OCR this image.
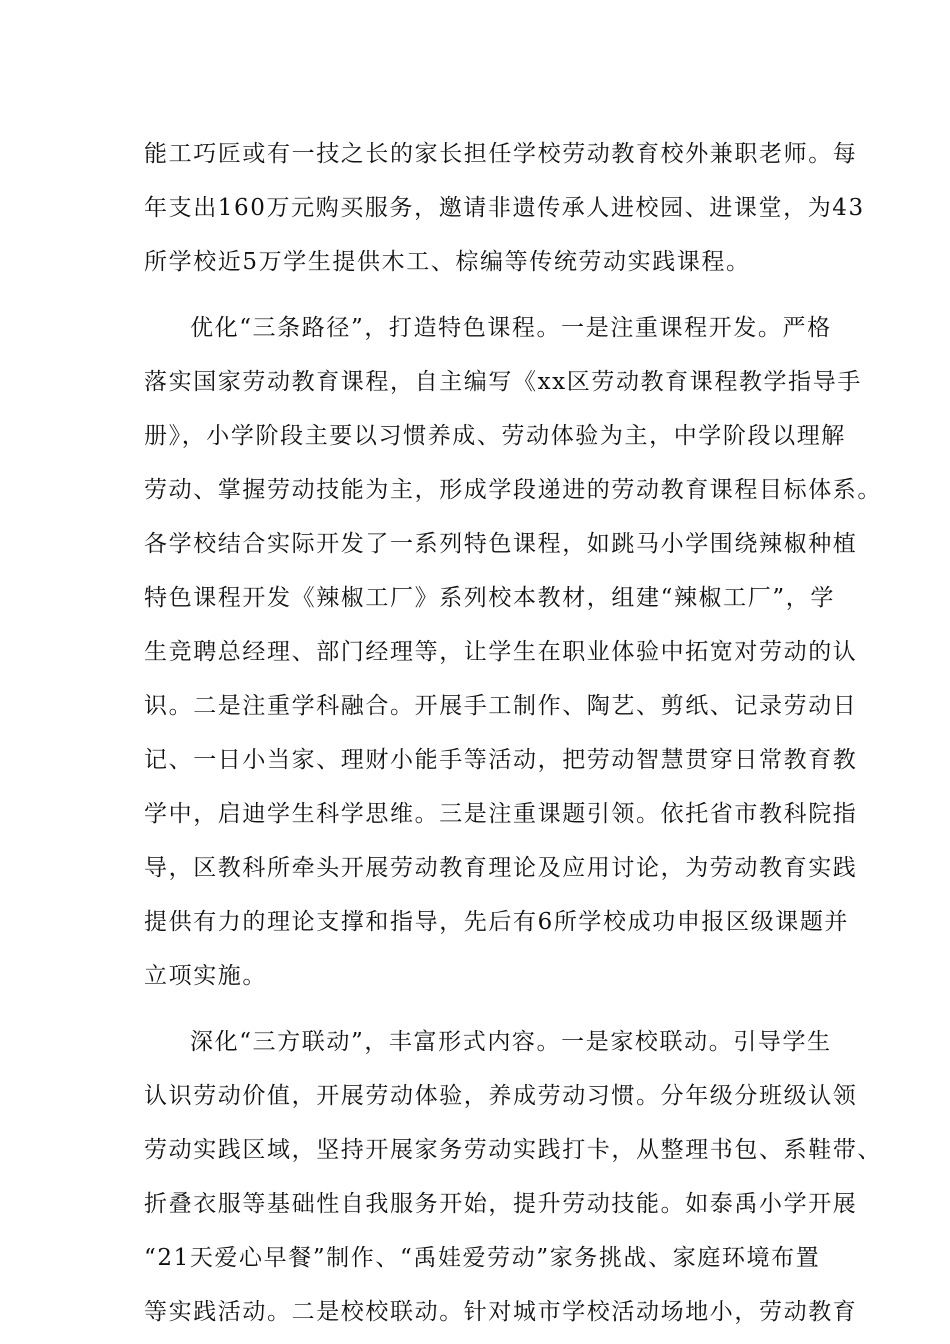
能工巧匠或有一技之长的家长担任学校劳动教育校外兼职老师。每
年支出160万元购买服务，邀请非遗传承人进校园、进课堂，为43
所学校近5万学生提供木工、棕编等传统劳动实践课程。
优化“三条路径”，打造特色课程。一是注重课程开发。严格
落实国家劳动教育课程，自主编写《xx区劳动教育课程教学指导手
册》，小学阶段主要以习惯养成、劳动体验为主，中学阶段以理解
劳动、掌握劳动技能为主，形成学段递进的劳动教育课程目标体系。
各学校结合实际开发了一系列特色课程，如跳马小学围绕辣椒种植
特色课程开发《辣椒工厂》系列校本教材，组建“辣椒工厂”，学
生竞聘总经理、部门经理等，让学生在职业体验中拓宽对劳动的认
识。二是注重学科融合。开展手工制作、陶艺、剪纸、记录劳动日
记、一日小当家、理财小能手等活动，把劳动智慧贯穿日常教育教
学中，启迪学生科学思维。三是注重课题引领。依托省市教科院指
导，区教科所牵头开展劳动教育理论及应用讨论，为劳动教育实践
提供有力的理论支撑和指导，先后有6所学校成功申报区级课题并
立项实施。
深化“三方联动”，丰富形式内容。一是家校联动。引导学生
认识劳动价值，开展劳动体验，养成劳动习惯。分年级分班级认领
劳动实践区域，坚持开展家务劳动实践打卡，从整理书包、系鞋带、
折叠衣服等基础性自我服务开始，提升劳动技能。如泰禹小学开展
“21天爱心早餐”制作、“禹娃爱劳动”家务挑战、家庭环境布置
等实践活动。二是校校联动。针对城市学校活动场地小，劳动教育
